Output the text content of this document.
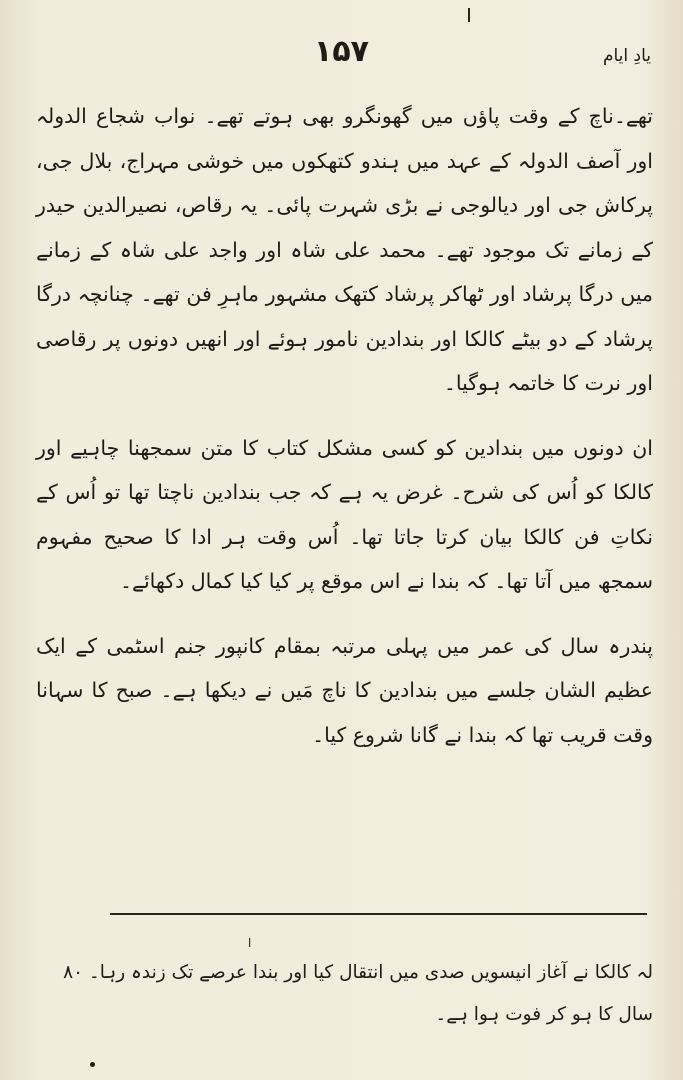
۱۵۷	یادِ ایام

تھے۔ناچ کے وقت پاؤں میں گھونگرو بھی ہوتے تھے۔ نواب شجاع الدولہ اور آصف الدولہ کے عہد میں ہندو کتھکوں میں خوشی مہراج، بلال جی، پرکاش جی اور دیالوجی نے بڑی شہرت پائی۔ یہ رقاص، نصیرالدین حیدر کے زمانے تک موجود تھے۔ محمد علی شاہ اور واجد علی شاہ کے زمانے میں درگا پرشاد اور ٹھاکر پرشاد کتھک مشہور ماہرِ فن تھے۔ چنانچہ درگا پرشاد کے دو بیٹے کالکا اور بندادین نامور ہوئے اور انھیں دونوں پر رقاصی اور نرت کا خاتمہ ہوگیا۔

ان دونوں میں بندادین کو کسی مشکل کتاب کا متن سمجھنا چاہیے اور کالکا کو اُس کی شرح۔ غرض یہ ہے کہ جب بندادین ناچتا تھا تو اُس کے نکاتِ فن کالکا بیان کرتا جاتا تھا۔ اُس وقت ہر ادا کا صحیح مفہوم سمجھ میں آتا تھا۔ کہ بندا نے اس موقع پر کیا کیا کمال دکھائے۔

پندرہ سال کی عمر میں پہلی مرتبہ بمقام کانپور جنم اسٹمی کے ایک عظیم الشان جلسے میں بندادین کا ناچ مَیں نے دیکھا ہے۔ صبح کا سہانا وقت قریب تھا کہ بندا نے گانا شروع کیا۔

ا
لہ کالکا نے آغاز انیسویں صدی میں انتقال کیا اور بندا عرصے تک زندہ رہا۔ ۸۰ سال کا ہو کر فوت ہوا ہے۔
